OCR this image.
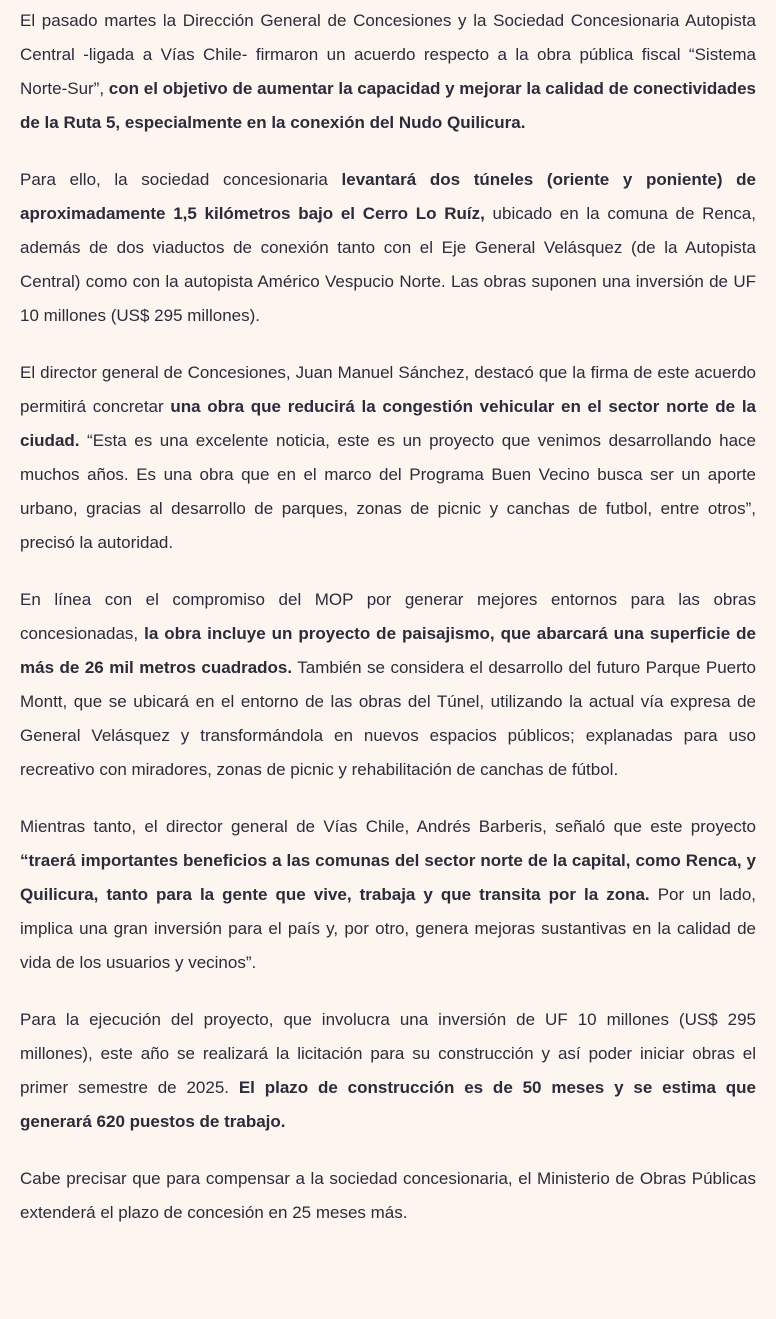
El pasado martes la Dirección General de Concesiones y la Sociedad Concesionaria Autopista Central -ligada a Vías Chile- firmaron un acuerdo respecto a la obra pública fiscal “Sistema Norte-Sur”, con el objetivo de aumentar la capacidad y mejorar la calidad de conectividades de la Ruta 5, especialmente en la conexión del Nudo Quilicura.

Para ello, la sociedad concesionaria levantará dos túneles (oriente y poniente) de aproximadamente 1,5 kilómetros bajo el Cerro Lo Ruíz, ubicado en la comuna de Renca, además de dos viaductos de conexión tanto con el Eje General Velásquez (de la Autopista Central) como con la autopista Américo Vespucio Norte. Las obras suponen una inversión de UF 10 millones (US$ 295 millones).

El director general de Concesiones, Juan Manuel Sánchez, destacó que la firma de este acuerdo permitirá concretar una obra que reducirá la congestión vehicular en el sector norte de la ciudad. “Esta es una excelente noticia, este es un proyecto que venimos desarrollando hace muchos años. Es una obra que en el marco del Programa Buen Vecino busca ser un aporte urbano, gracias al desarrollo de parques, zonas de picnic y canchas de futbol, entre otros”, precisó la autoridad.

En línea con el compromiso del MOP por generar mejores entornos para las obras concesionadas, la obra incluye un proyecto de paisajismo, que abarcará una superficie de más de 26 mil metros cuadrados. También se considera el desarrollo del futuro Parque Puerto Montt, que se ubicará en el entorno de las obras del Túnel, utilizando la actual vía expresa de General Velásquez y transformándola en nuevos espacios públicos; explanadas para uso recreativo con miradores, zonas de picnic y rehabilitación de canchas de fútbol.

Mientras tanto, el director general de Vías Chile, Andrés Barberis, señaló que este proyecto “traerá importantes beneficios a las comunas del sector norte de la capital, como Renca, y Quilicura, tanto para la gente que vive, trabaja y que transita por la zona. Por un lado, implica una gran inversión para el país y, por otro, genera mejoras sustantivas en la calidad de vida de los usuarios y vecinos”.

Para la ejecución del proyecto, que involucra una inversión de UF 10 millones (US$ 295 millones), este año se realizará la licitación para su construcción y así poder iniciar obras el primer semestre de 2025. El plazo de construcción es de 50 meses y se estima que generará 620 puestos de trabajo.

Cabe precisar que para compensar a la sociedad concesionaria, el Ministerio de Obras Públicas extenderá el plazo de concesión en 25 meses más.
